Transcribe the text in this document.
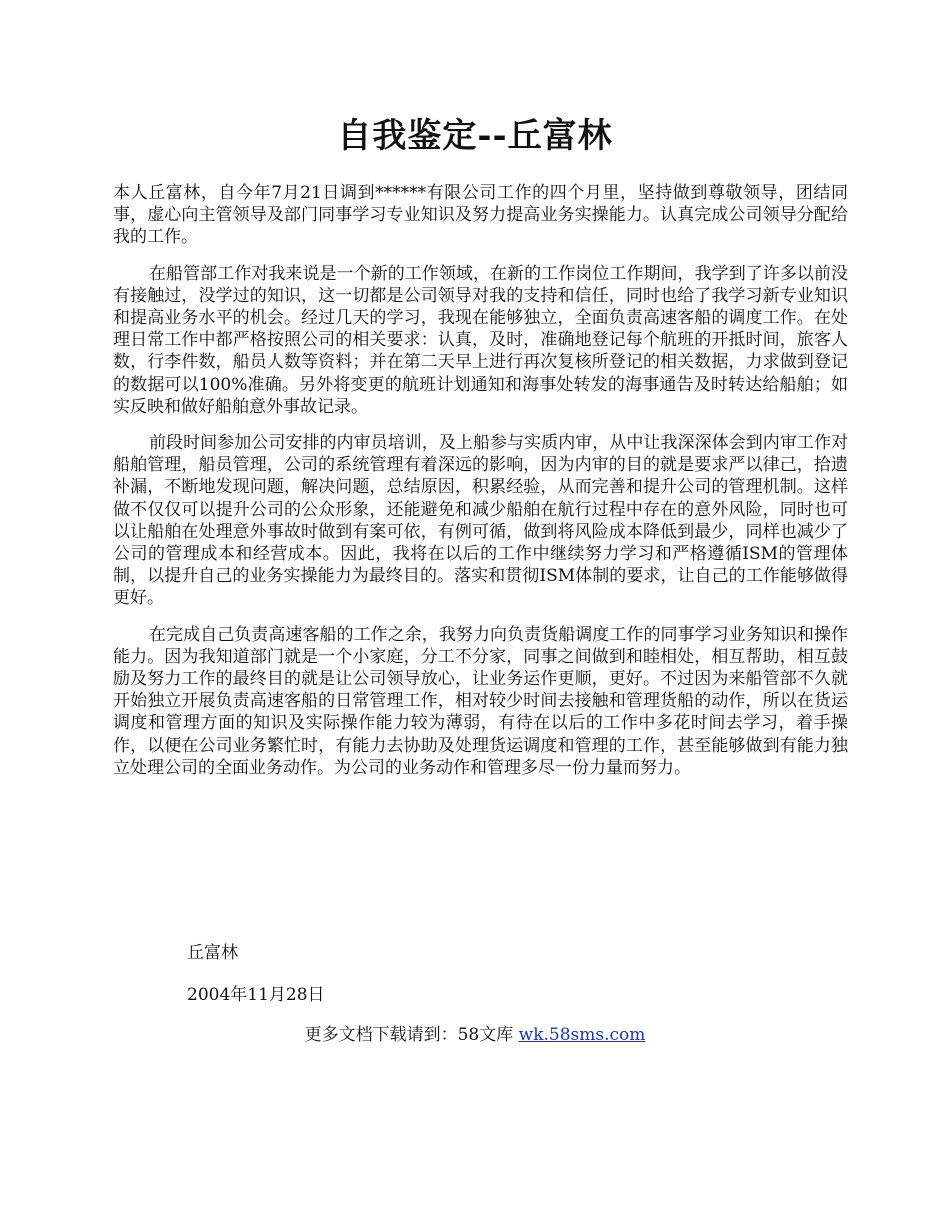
自我鉴定--丘富林

本人丘富林，自今年7月21日调到******有限公司工作的四个月里，坚持做到尊敬领导，团结同事，虚心向主管领导及部门同事学习专业知识及努力提高业务实操能力。认真完成公司领导分配给我的工作。

在船管部工作对我来说是一个新的工作领域，在新的工作岗位工作期间，我学到了许多以前没有接触过，没学过的知识，这一切都是公司领导对我的支持和信任，同时也给了我学习新专业知识和提高业务水平的机会。经过几天的学习，我现在能够独立，全面负责高速客船的调度工作。在处理日常工作中都严格按照公司的相关要求：认真，及时，准确地登记每个航班的开抵时间，旅客人数，行李件数，船员人数等资料；并在第二天早上进行再次复核所登记的相关数据，力求做到登记的数据可以100%准确。另外将变更的航班计划通知和海事处转发的海事通告及时转达给船舶；如实反映和做好船舶意外事故记录。

前段时间参加公司安排的内审员培训，及上船参与实质内审，从中让我深深体会到内审工作对船舶管理，船员管理，公司的系统管理有着深远的影响，因为内审的目的就是要求严以律己，拾遗补漏，不断地发现问题，解决问题，总结原因，积累经验，从而完善和提升公司的管理机制。这样做不仅仅可以提升公司的公众形象，还能避免和减少船舶在航行过程中存在的意外风险，同时也可以让船舶在处理意外事故时做到有案可依，有例可循，做到将风险成本降低到最少，同样也减少了公司的管理成本和经营成本。因此，我将在以后的工作中继续努力学习和严格遵循ISM的管理体制，以提升自己的业务实操能力为最终目的。落实和贯彻ISM体制的要求，让自己的工作能够做得更好。

在完成自己负责高速客船的工作之余，我努力向负责货船调度工作的同事学习业务知识和操作能力。因为我知道部门就是一个小家庭，分工不分家，同事之间做到和睦相处，相互帮助，相互鼓励及努力工作的最终目的就是让公司领导放心，让业务运作更顺，更好。不过因为来船管部不久就开始独立开展负责高速客船的日常管理工作，相对较少时间去接触和管理货船的动作，所以在货运调度和管理方面的知识及实际操作能力较为薄弱，有待在以后的工作中多花时间去学习，着手操作，以便在公司业务繁忙时，有能力去协助及处理货运调度和管理的工作，甚至能够做到有能力独立处理公司的全面业务动作。为公司的业务动作和管理多尽一份力量而努力。

丘富林
2004年11月28日
更多文档下载请到：58文库 wk.58sms.com
